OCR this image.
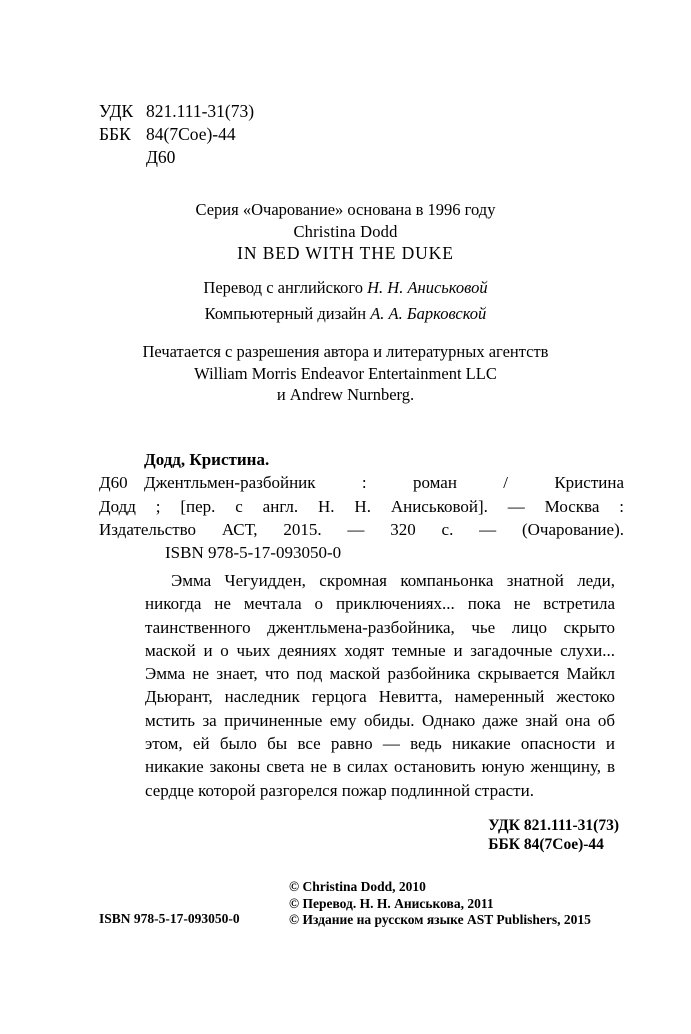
УДК 821.111-31(73)
ББК 84(7Сое)-44
Д60
Серия «Очарование» основана в 1996 году
Christina Dodd
IN BED WITH THE DUKE
Перевод с английского Н. Н. Аниськовой
Компьютерный дизайн А. А. Барковской
Печатается с разрешения автора и литературных агентств
William Morris Endeavor Entertainment LLC
и Andrew Nurnberg.
Додд, Кристина.
Д60 Джентльмен-разбойник : роман / Кристина
Додд ; [пер. с англ. Н. Н. Аниськовой]. — Москва :
Издательство АСТ, 2015. — 320 с. — (Очарование).

ISBN 978-5-17-093050-0

Эмма Чегуидден, скромная компаньонка знатной леди, никогда не мечтала о приключениях... пока не встретила таинственного джентльмена-разбойника, чье лицо скрыто маской и о чьих деяниях ходят темные и загадочные слухи... Эмма не знает, что под маской разбойника скрывается Майкл Дьюрант, наследник герцога Невитта, намеренный жестоко мстить за причиненные ему обиды. Однако даже знай она об этом, ей было бы все равно — ведь никакие опасности и никакие законы света не в силах остановить юную женщину, в сердце которой разгорелся пожар подлинной страсти.

УДК 821.111-31(73)
ББК 84(7Сое)-44
© Christina Dodd, 2010
© Перевод. Н. Н. Аниськова, 2011
© Издание на русском языке AST Publishers, 2015
ISBN 978-5-17-093050-0
